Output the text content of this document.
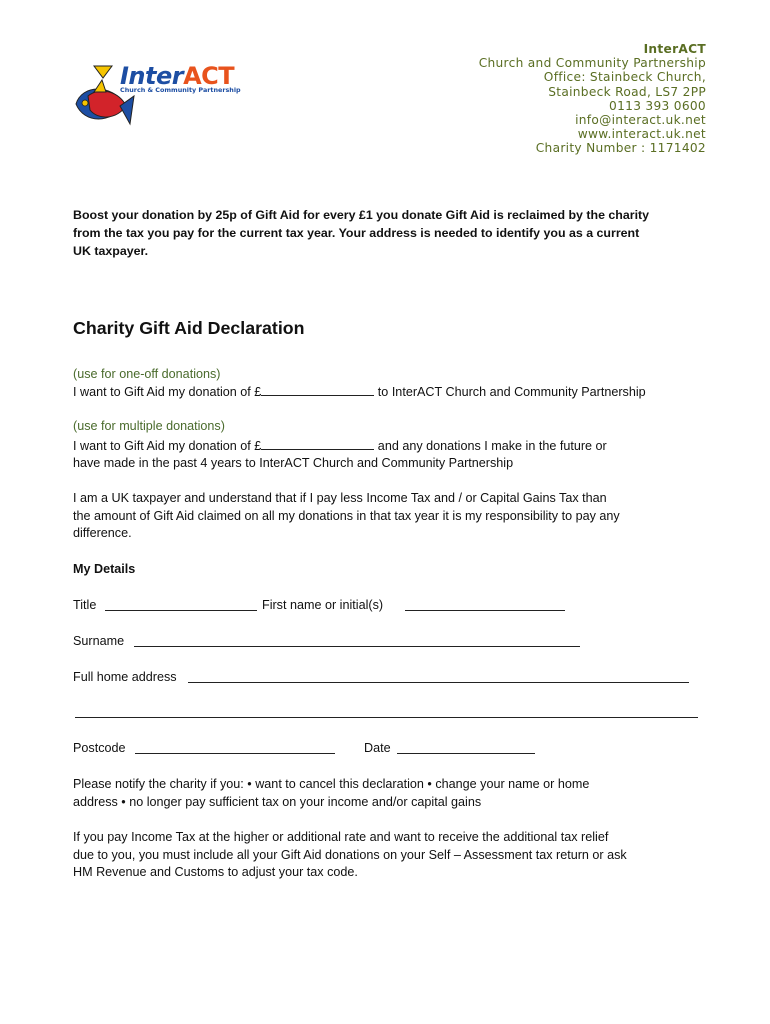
InterACT
Church & Community Partnership
InterACT
Church and Community Partnership
Office: Stainbeck Church,
Stainbeck Road, LS7 2PP
0113 393 0600
info@interact.uk.net
www.interact.uk.net
Charity Number : 1171402
Boost your donation by 25p of Gift Aid for every £1 you donate Gift Aid is reclaimed by the charity
from the tax you pay for the current tax year. Your address is needed to identify you as a current
UK taxpayer.
Charity Gift Aid Declaration
(use for one-off donations)
I want to Gift Aid my donation of £	to InterACT Church and Community Partnership
(use for multiple donations)
I want to Gift Aid my donation of £	and any donations I make in the future or
have made in the past 4 years to InterACT Church and Community Partnership
I am a UK taxpayer and understand that if I pay less Income Tax and / or Capital Gains Tax than
the amount of Gift Aid claimed on all my donations in that tax year it is my responsibility to pay any
difference.
My Details
Title	First name or initial(s)
Surname
Full home address
Postcode	Date
Please notify the charity if you: • want to cancel this declaration • change your name or home
address • no longer pay sufficient tax on your income and/or capital gains
If you pay Income Tax at the higher or additional rate and want to receive the additional tax relief
due to you, you must include all your Gift Aid donations on your Self – Assessment tax return or ask
HM Revenue and Customs to adjust your tax code.
